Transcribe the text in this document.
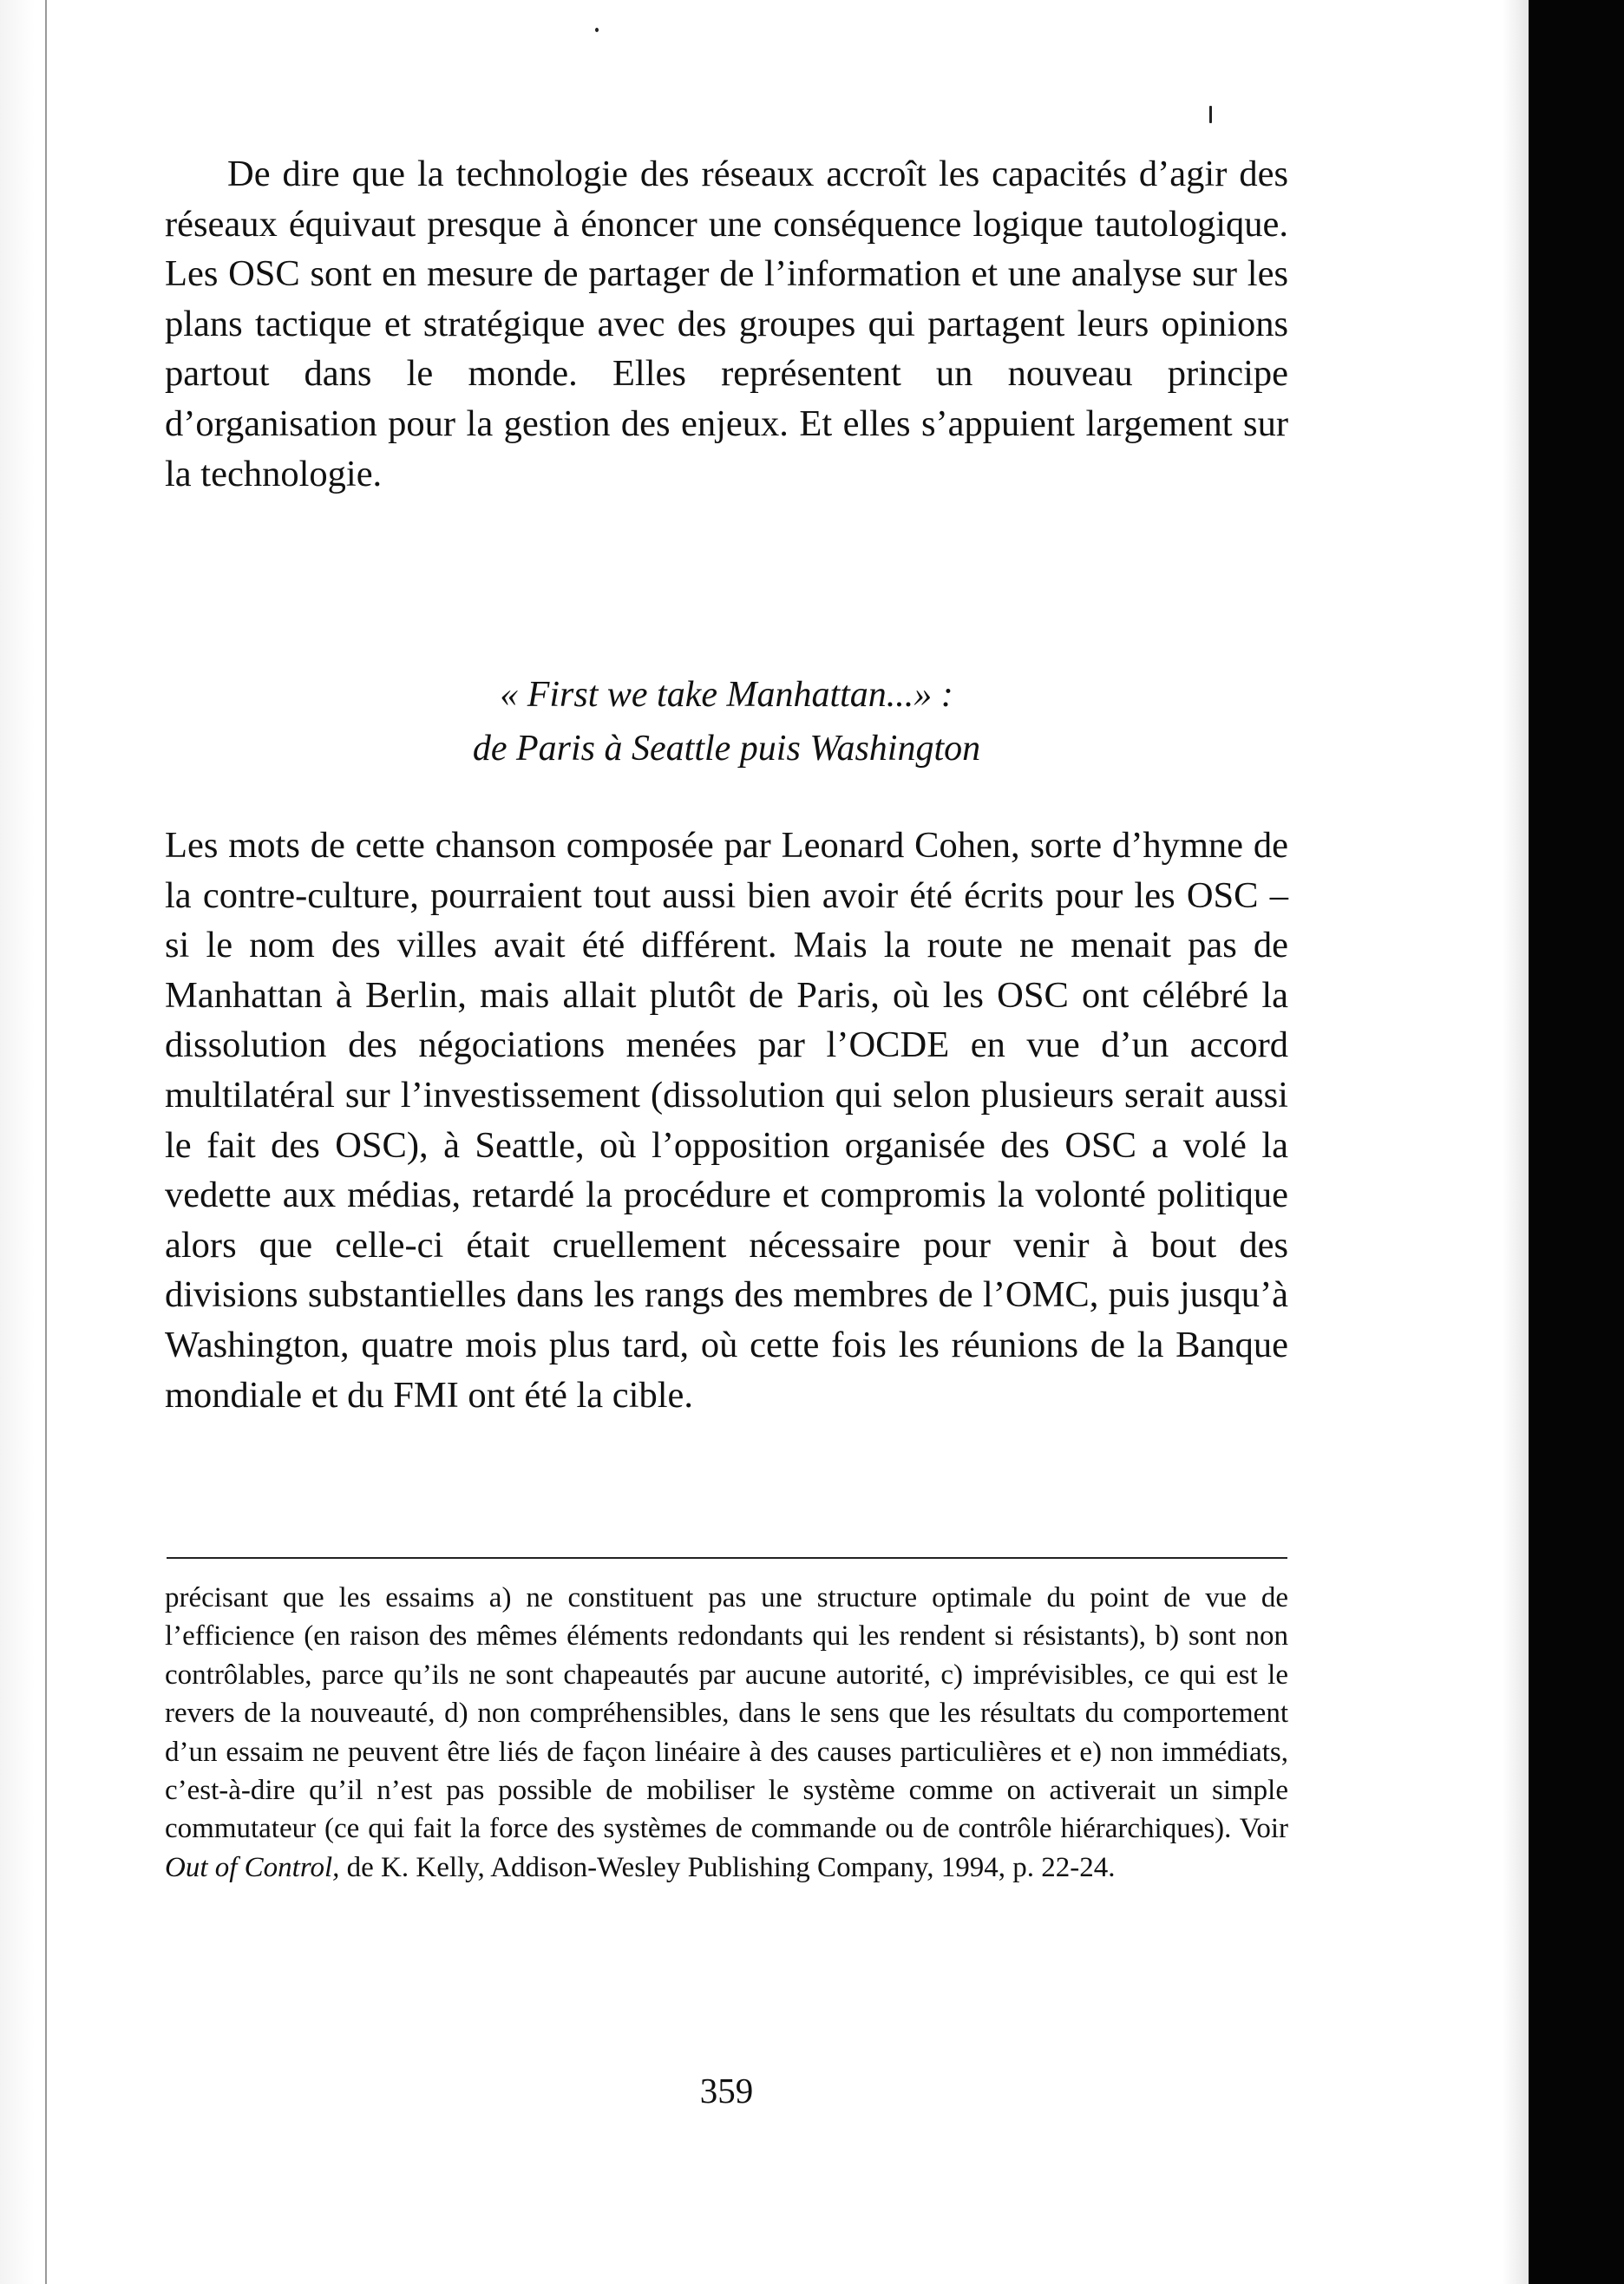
De dire que la technologie des réseaux accroît les capacités d’agir des réseaux équivaut presque à énoncer une conséquence logique tautologique. Les OSC sont en mesure de partager de l’information et une analyse sur les plans tactique et stratégique avec des groupes qui partagent leurs opinions partout dans le monde. Elles représentent un nouveau principe d’organisation pour la gestion des enjeux. Et elles s’appuient largement sur la technologie.

« First we take Manhattan...» :
de Paris à Seattle puis Washington

Les mots de cette chanson composée par Leonard Cohen, sorte d’hymne de la contre-culture, pourraient tout aussi bien avoir été écrits pour les OSC – si le nom des villes avait été différent. Mais la route ne menait pas de Manhattan à Berlin, mais allait plutôt de Paris, où les OSC ont célébré la dissolution des négociations menées par l’OCDE en vue d’un accord multilatéral sur l’investissement (dissolution qui selon plusieurs serait aussi le fait des OSC), à Seattle, où l’opposition organisée des OSC a volé la vedette aux médias, retardé la procédure et compromis la volonté politique alors que celle-ci était cruellement nécessaire pour venir à bout des divisions substantielles dans les rangs des membres de l’OMC, puis jusqu’à Washington, quatre mois plus tard, où cette fois les réunions de la Banque mondiale et du FMI ont été la cible.

précisant que les essaims a) ne constituent pas une structure optimale du point de vue de l’efficience (en raison des mêmes éléments redondants qui les rendent si résistants), b) sont non contrôlables, parce qu’ils ne sont chapeautés par aucune autorité, c) imprévisibles, ce qui est le revers de la nouveauté, d) non compréhensibles, dans le sens que les résultats du comportement d’un essaim ne peuvent être liés de façon linéaire à des causes particulières et e) non immédiats, c’est-à-dire qu’il n’est pas possible de mobiliser le système comme on activerait un simple commutateur (ce qui fait la force des systèmes de commande ou de contrôle hiérarchiques). Voir Out of Control, de K. Kelly, Addison-Wesley Publishing Company, 1994, p. 22-24.

359
